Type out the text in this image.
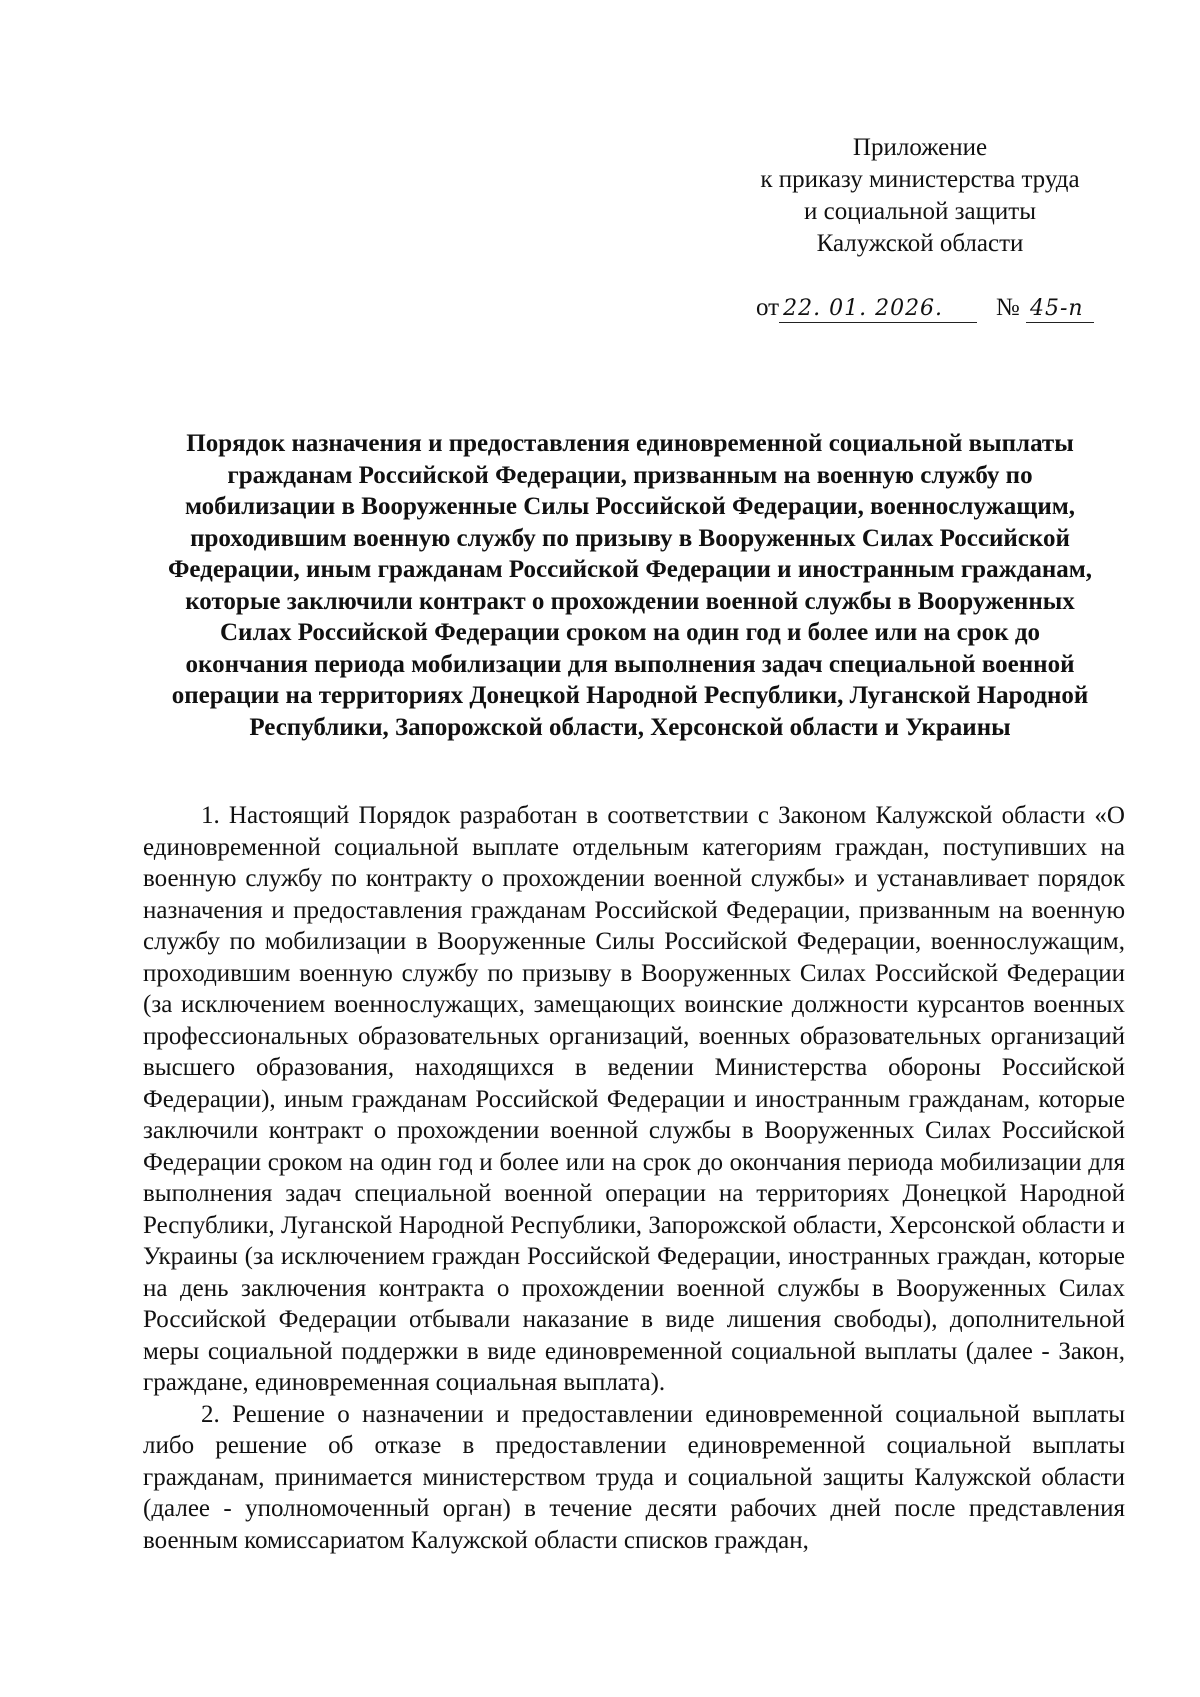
Приложение
к приказу министерства труда
и социальной защиты
Калужской области
от 22. 01. 2026. № 45-п
Порядок назначения и предоставления единовременной социальной выплаты
гражданам Российской Федерации, призванным на военную службу по
мобилизации в Вооруженные Силы Российской Федерации, военнослужащим,
проходившим военную службу по призыву в Вооруженных Силах Российской
Федерации, иным гражданам Российской Федерации и иностранным гражданам,
которые заключили контракт о прохождении военной службы в Вооруженных
Силах Российской Федерации сроком на один год и более или на срок до
окончания периода мобилизации для выполнения задач специальной военной
операции на территориях Донецкой Народной Республики, Луганской Народной
Республики, Запорожской области, Херсонской области и Украины

1. Настоящий Порядок разработан в соответствии с Законом Калужской области «О единовременной социальной выплате отдельным категориям граждан, поступивших на военную службу по контракту о прохождении военной службы» и устанавливает порядок назначения и предоставления гражданам Российской Федерации, призванным на военную службу по мобилизации в Вооруженные Силы Российской Федерации, военнослужащим, проходившим военную службу по призыву в Вооруженных Силах Российской Федерации (за исключением военнослужащих, замещающих воинские должности курсантов военных профессиональных образовательных организаций, военных образовательных организаций высшего образования, находящихся в ведении Министерства обороны Российской Федерации), иным гражданам Российской Федерации и иностранным гражданам, которые заключили контракт о прохождении военной службы в Вооруженных Силах Российской Федерации сроком на один год и более или на срок до окончания периода мобилизации для выполнения задач специальной военной операции на территориях Донецкой Народной Республики, Луганской Народной Республики, Запорожской области, Херсонской области и Украины (за исключением граждан Российской Федерации, иностранных граждан, которые на день заключения контракта о прохождении военной службы в Вооруженных Силах Российской Федерации отбывали наказание в виде лишения свободы), дополнительной меры социальной поддержки в виде единовременной социальной выплаты (далее - Закон, граждане, единовременная социальная выплата).

2. Решение о назначении и предоставлении единовременной социальной выплаты либо решение об отказе в предоставлении единовременной социальной выплаты гражданам, принимается министерством труда и социальной защиты Калужской области (далее - уполномоченный орган) в течение десяти рабочих дней после представления военным комиссариатом Калужской области списков граждан,
